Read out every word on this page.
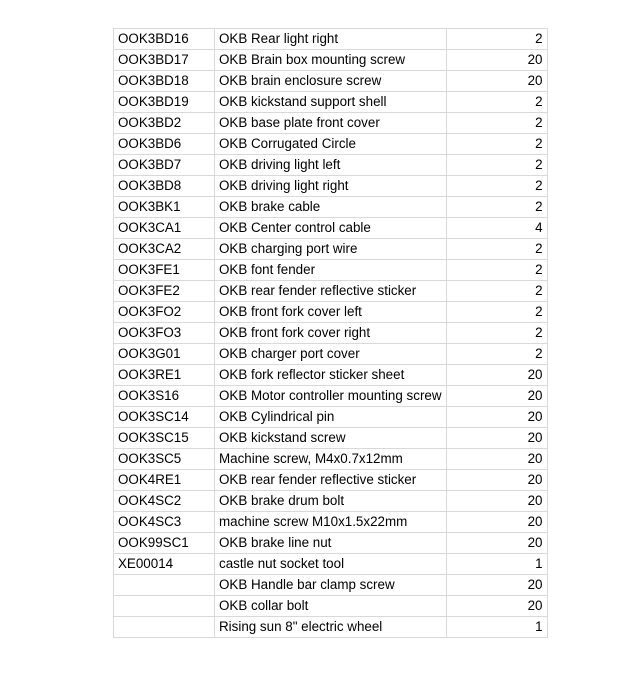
OOK3BD16	OKB Rear light right	2
OOK3BD17	OKB Brain box mounting screw	20
OOK3BD18	OKB brain enclosure screw	20
OOK3BD19	OKB kickstand support shell	2
OOK3BD2	OKB base plate front cover	2
OOK3BD6	OKB Corrugated Circle	2
OOK3BD7	OKB driving light left	2
OOK3BD8	OKB driving light right	2
OOK3BK1	OKB brake cable	2
OOK3CA1	OKB Center control cable	4
OOK3CA2	OKB charging port wire	2
OOK3FE1	OKB font fender	2
OOK3FE2	OKB rear fender reflective sticker	2
OOK3FO2	OKB front fork cover left	2
OOK3FO3	OKB front fork cover right	2
OOK3G01	OKB charger port cover	2
OOK3RE1	OKB fork reflector sticker sheet	20
OOK3S16	OKB Motor controller mounting screw	20
OOK3SC14	OKB Cylindrical pin	20
OOK3SC15	OKB kickstand screw	20
OOK3SC5	Machine screw, M4x0.7x12mm	20
OOK4RE1	OKB rear fender reflective sticker	20
OOK4SC2	OKB brake drum bolt	20
OOK4SC3	machine screw M10x1.5x22mm	20
OOK99SC1	OKB brake line nut	20
XE00014	castle nut socket tool	1
	OKB Handle bar clamp screw	20
	OKB collar bolt	20
	Rising sun 8" electric wheel	1
